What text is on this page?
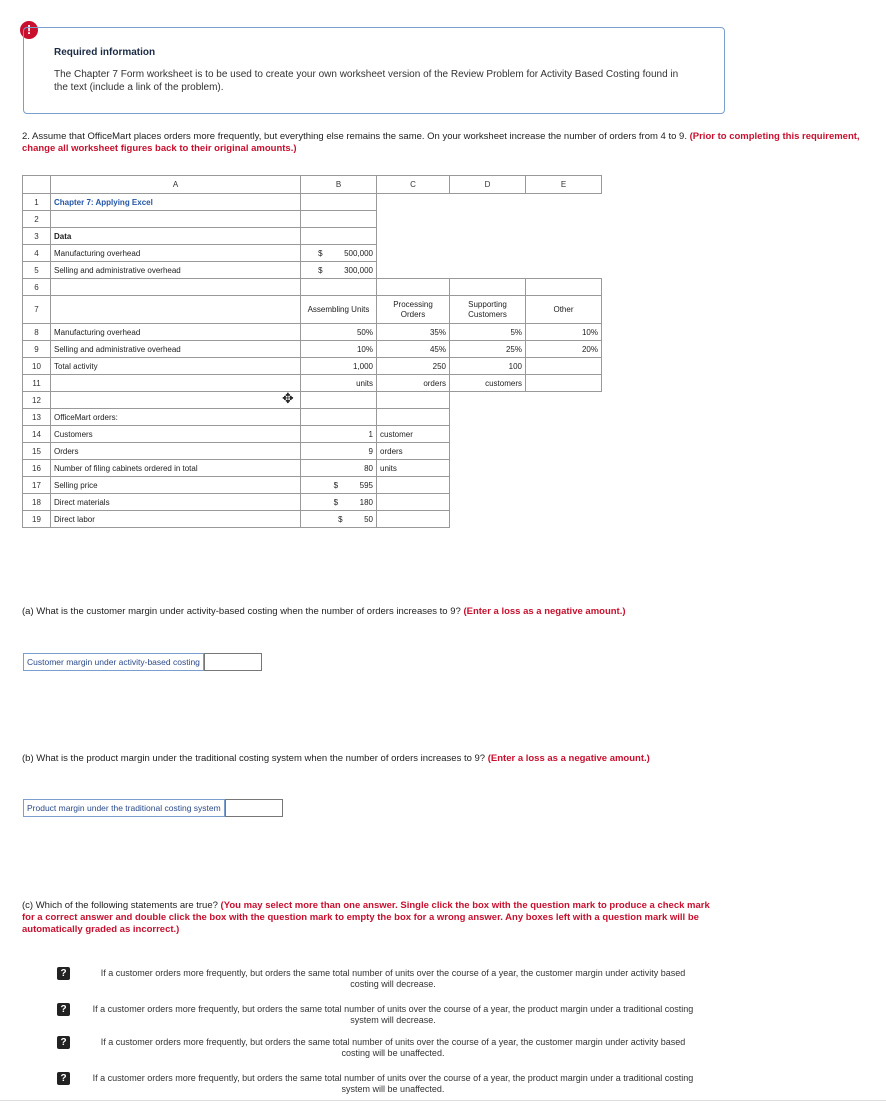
!
Required information
The Chapter 7 Form worksheet is to be used to create your own worksheet version of the Review Problem for Activity Based Costing found in the text (include a link of the problem).
2. Assume that OfficeMart places orders more frequently, but everything else remains the same. On your worksheet increase the number of orders from 4 to 9. (Prior to completing this requirement, change all worksheet figures back to their original amounts.)
	A	B	C	D	E
1	Chapter 7: Applying Excel				
2					
3	Data				
4	Manufacturing overhead	$ 500,000			
5	Selling and administrative overhead	$ 300,000			
6					
7		Assembling Units	Processing Orders	Supporting Customers	Other
8	Manufacturing overhead	50%	35%	5%	10%
9	Selling and administrative overhead	10%	45%	25%	20%
10	Total activity	1,000	250	100	
11		units	orders	customers	
12					
13	OfficeMart orders:				
14	Customers	1	customer		
15	Orders	9	orders		
16	Number of filing cabinets ordered in total	80	units		
17	Selling price	$ 595			
18	Direct materials	$ 180			
19	Direct labor	$ 50			
✥
(a) What is the customer margin under activity-based costing when the number of orders increases to 9? (Enter a loss as a negative amount.)
Customer margin under activity-based costing
(b) What is the product margin under the traditional costing system when the number of orders increases to 9? (Enter a loss as a negative amount.)
Product margin under the traditional costing system
(c) Which of the following statements are true? (You may select more than one answer. Single click the box with the question mark to produce a check mark for a correct answer and double click the box with the question mark to empty the box for a wrong answer. Any boxes left with a question mark will be automatically graded as incorrect.)
?	If a customer orders more frequently, but orders the same total number of units over the course of a year, the customer margin under activity based costing will decrease.
?	If a customer orders more frequently, but orders the same total number of units over the course of a year, the product margin under a traditional costing system will decrease.
?	If a customer orders more frequently, but orders the same total number of units over the course of a year, the customer margin under activity based costing will be unaffected.
?	If a customer orders more frequently, but orders the same total number of units over the course of a year, the product margin under a traditional costing system will be unaffected.
